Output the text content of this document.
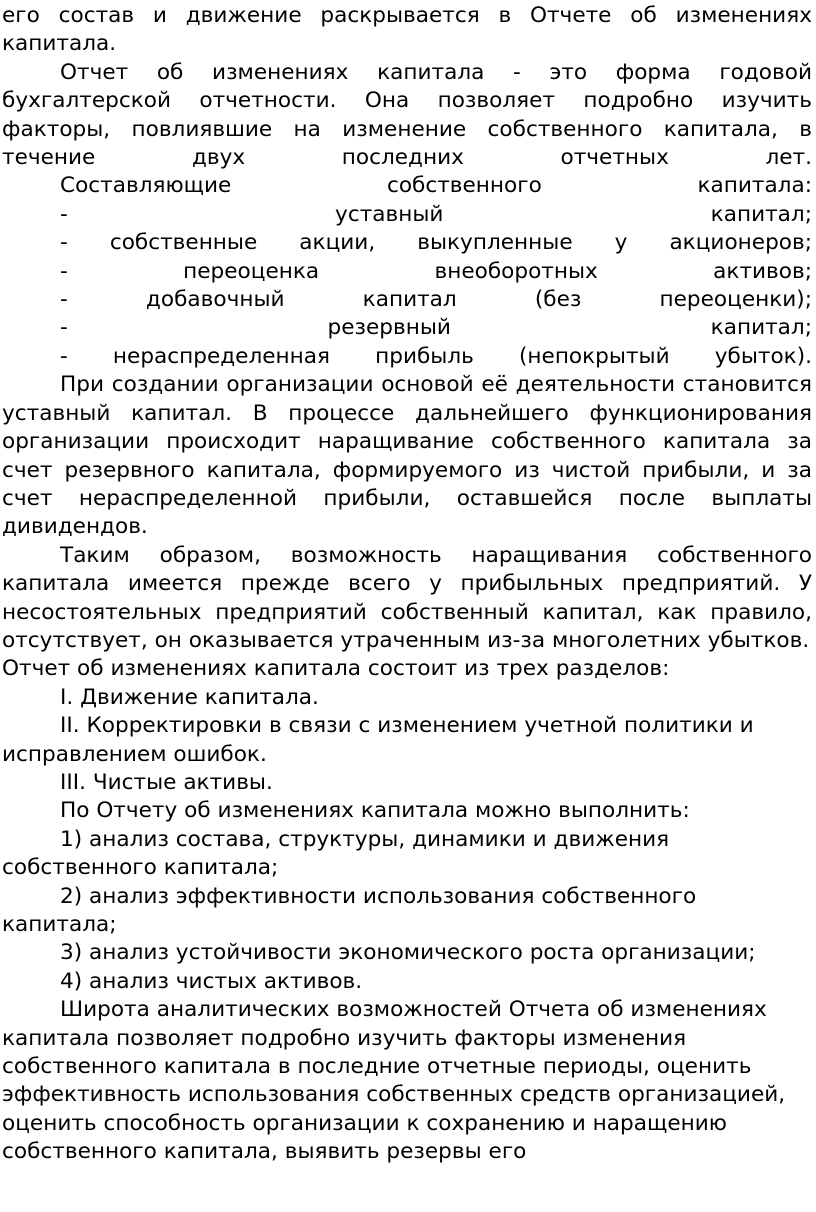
его состав и движение раскрывается в Отчете об изменениях капитала.

Отчет об изменениях капитала - это форма годовой бухгалтерской отчетности. Она позволяет подробно изучить факторы, повлиявшие на изменение собственного капитала, в течение двух последних отчетных лет.

Составляющие собственного капитала:

- уставный капитал;

- собственные акции, выкупленные у акционеров;

- переоценка внеоборотных активов;

- добавочный капитал (без переоценки);

- резервный капитал;

- нераспределенная прибыль (непокрытый убыток).

При создании организации основой её деятельности становится уставный капитал. В процессе дальнейшего функционирования организации происходит наращивание собственного капитала за счет резервного капитала, формируемого из чистой прибыли, и за счет нераспределенной прибыли, оставшейся после выплаты дивидендов.

Таким образом, возможность наращивания собственного капитала имеется прежде всего у прибыльных предприятий. У несостоятельных предприятий собственный капитал, как правило, отсутствует, он оказывается утраченным из-за многолетних убытков.

Отчет об изменениях капитала состоит из трех разделов:

I. Движение капитала.

II. Корректировки в связи с изменением учетной политики и исправлением ошибок.

III. Чистые активы.

По Отчету об изменениях капитала можно выполнить:

1) анализ состава, структуры, динамики и движения собственного капитала;

2) анализ эффективности использования собственного капитала;

3) анализ устойчивости экономического роста организации;

4) анализ чистых активов.

Широта аналитических возможностей Отчета об изменениях капитала позволяет подробно изучить факторы изменения собственного капитала в последние отчетные периоды, оценить эффективность использования собственных средств организацией, оценить способность организации к сохранению и наращению собственного капитала, выявить резервы его
